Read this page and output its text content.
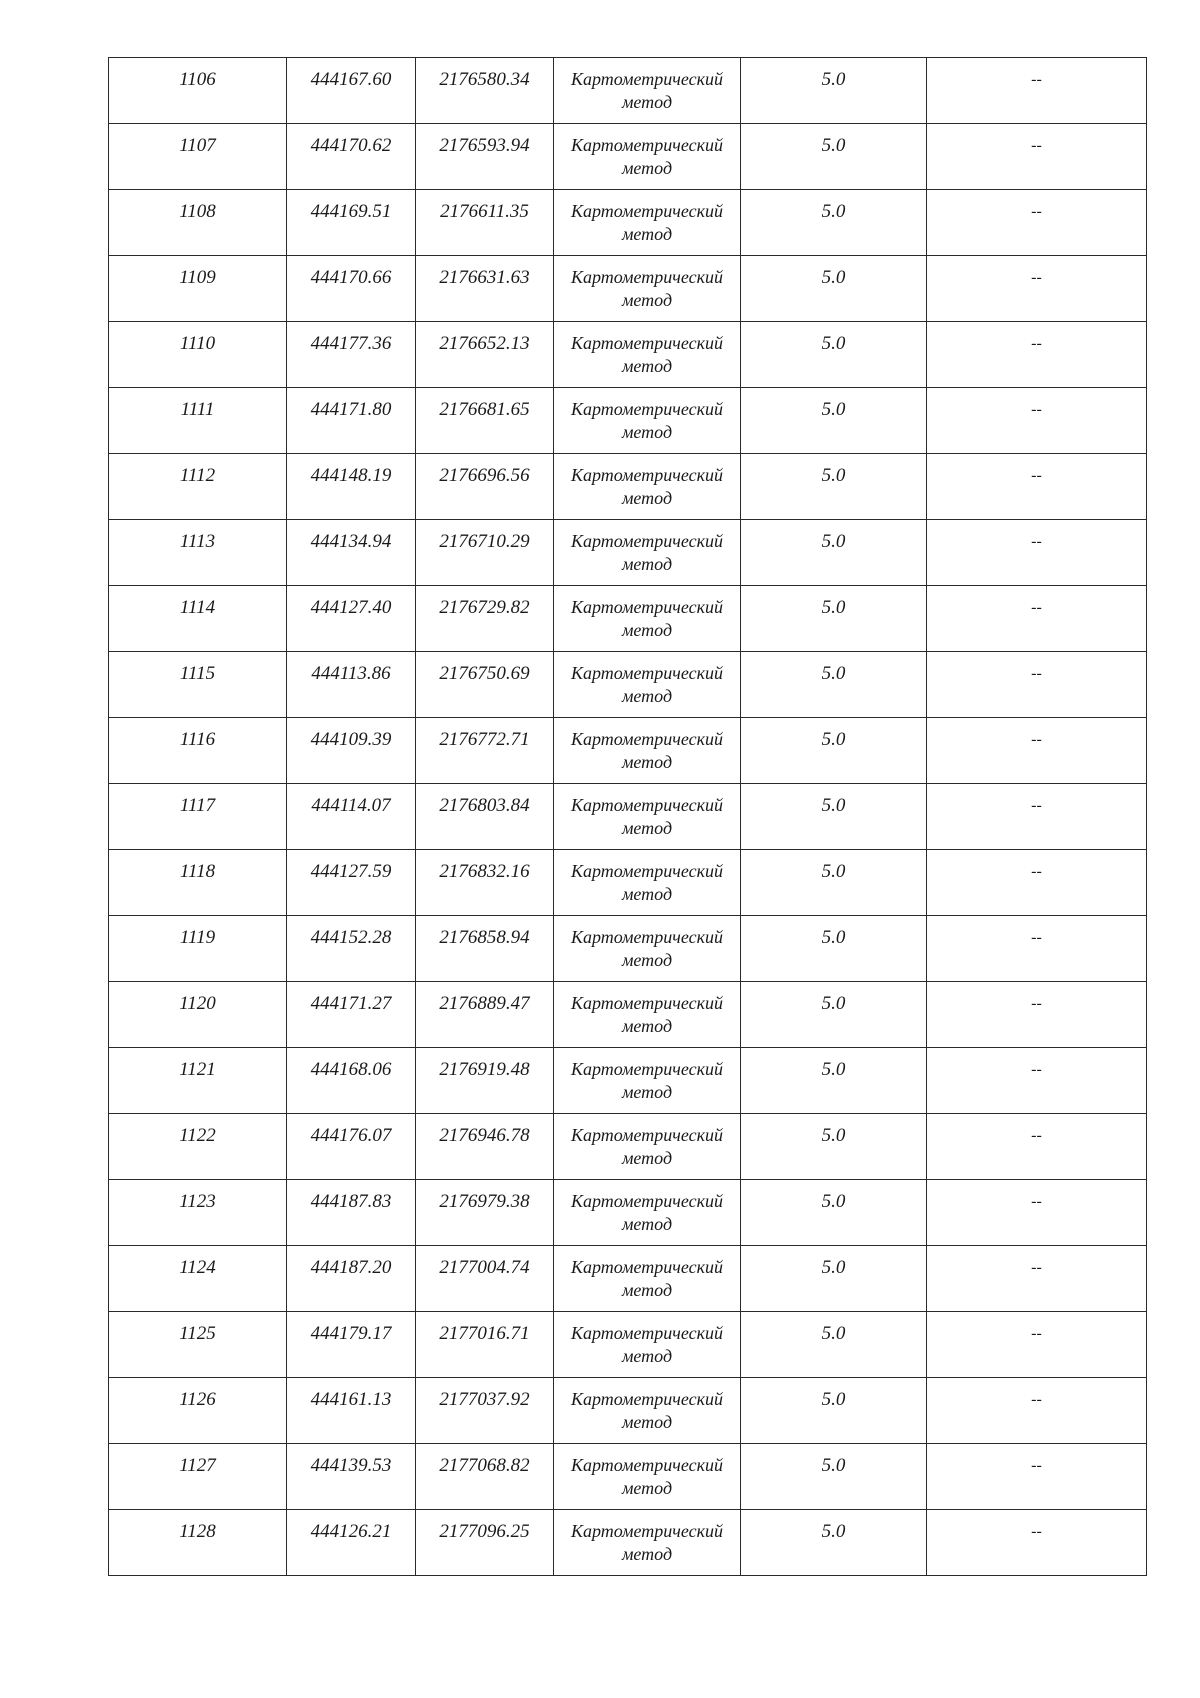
1106	444167.60	2176580.34	Картометрический метод	5.0	--
1107	444170.62	2176593.94	Картометрический метод	5.0	--
1108	444169.51	2176611.35	Картометрический метод	5.0	--
1109	444170.66	2176631.63	Картометрический метод	5.0	--
1110	444177.36	2176652.13	Картометрический метод	5.0	--
1111	444171.80	2176681.65	Картометрический метод	5.0	--
1112	444148.19	2176696.56	Картометрический метод	5.0	--
1113	444134.94	2176710.29	Картометрический метод	5.0	--
1114	444127.40	2176729.82	Картометрический метод	5.0	--
1115	444113.86	2176750.69	Картометрический метод	5.0	--
1116	444109.39	2176772.71	Картометрический метод	5.0	--
1117	444114.07	2176803.84	Картометрический метод	5.0	--
1118	444127.59	2176832.16	Картометрический метод	5.0	--
1119	444152.28	2176858.94	Картометрический метод	5.0	--
1120	444171.27	2176889.47	Картометрический метод	5.0	--
1121	444168.06	2176919.48	Картометрический метод	5.0	--
1122	444176.07	2176946.78	Картометрический метод	5.0	--
1123	444187.83	2176979.38	Картометрический метод	5.0	--
1124	444187.20	2177004.74	Картометрический метод	5.0	--
1125	444179.17	2177016.71	Картометрический метод	5.0	--
1126	444161.13	2177037.92	Картометрический метод	5.0	--
1127	444139.53	2177068.82	Картометрический метод	5.0	--
1128	444126.21	2177096.25	Картометрический метод	5.0	--
